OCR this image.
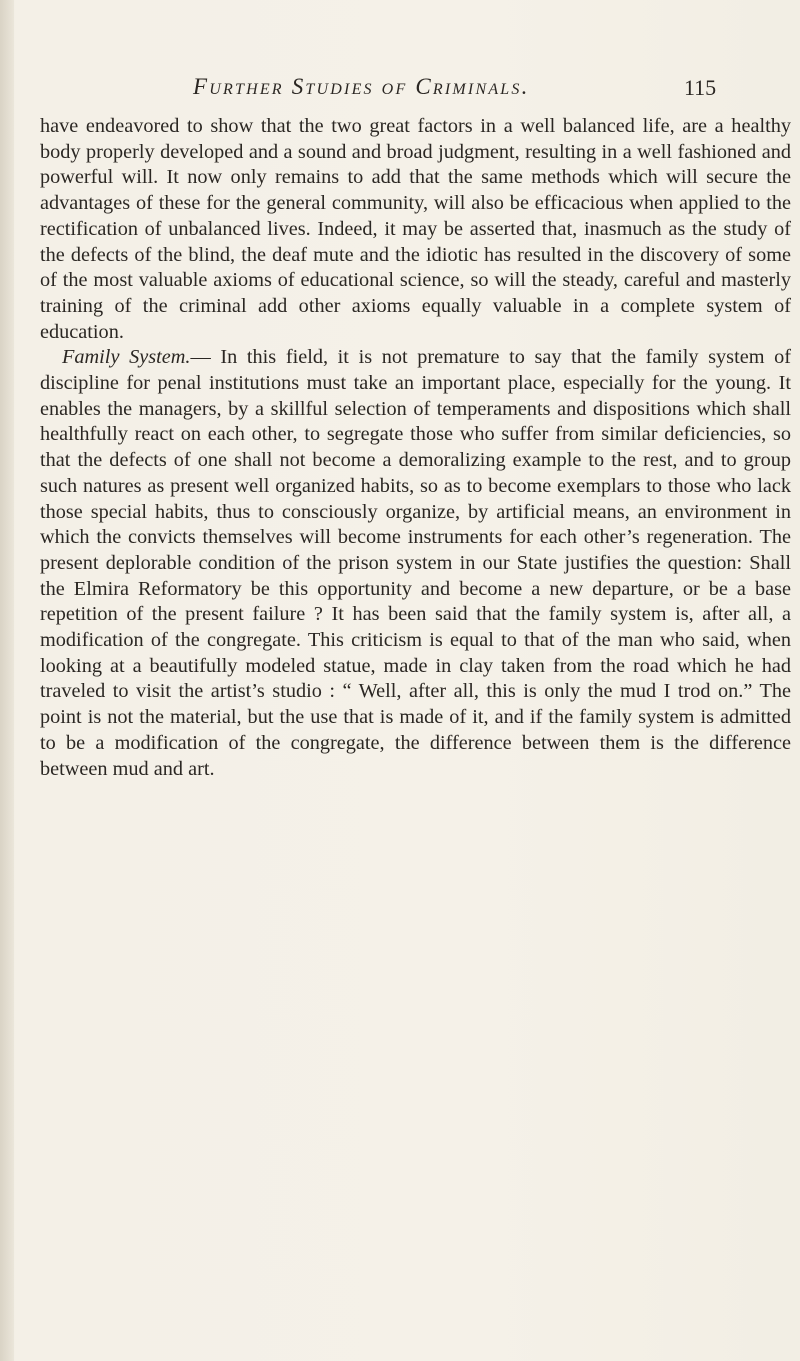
Further Studies of Criminals.	115

have endeavored to show that the two great factors in a well balanced life, are a healthy body properly developed and a sound and broad judgment, resulting in a well fashioned and powerful will. It now only remains to add that the same methods which will secure the advantages of these for the general community, will also be efficacious when applied to the rectification of unbalanced lives. Indeed, it may be asserted that, inasmuch as the study of the defects of the blind, the deaf mute and the idiotic has resulted in the discovery of some of the most valuable axioms of educational science, so will the steady, careful and masterly training of the criminal add other axioms equally valuable in a complete system of education.

Family System.— In this field, it is not premature to say that the family system of discipline for penal institutions must take an important place, especially for the young. It enables the managers, by a skillful selection of temperaments and dispositions which shall healthfully react on each other, to segregate those who suffer from similar deficiencies, so that the defects of one shall not become a demoralizing example to the rest, and to group such natures as present well organized habits, so as to become exemplars to those who lack those special habits, thus to consciously organize, by artificial means, an environment in which the convicts themselves will become instruments for each other’s regeneration. The present deplorable condition of the prison system in our State justifies the question: Shall the Elmira Reformatory be this opportunity and become a new departure, or be a base repetition of the present failure ? It has been said that the family system is, after all, a modification of the congregate. This criticism is equal to that of the man who said, when looking at a beautifully modeled statue, made in clay taken from the road which he had traveled to visit the artist’s studio : “ Well, after all, this is only the mud I trod on.” The point is not the material, but the use that is made of it, and if the family system is admitted to be a modification of the congregate, the difference between them is the difference between mud and art.
